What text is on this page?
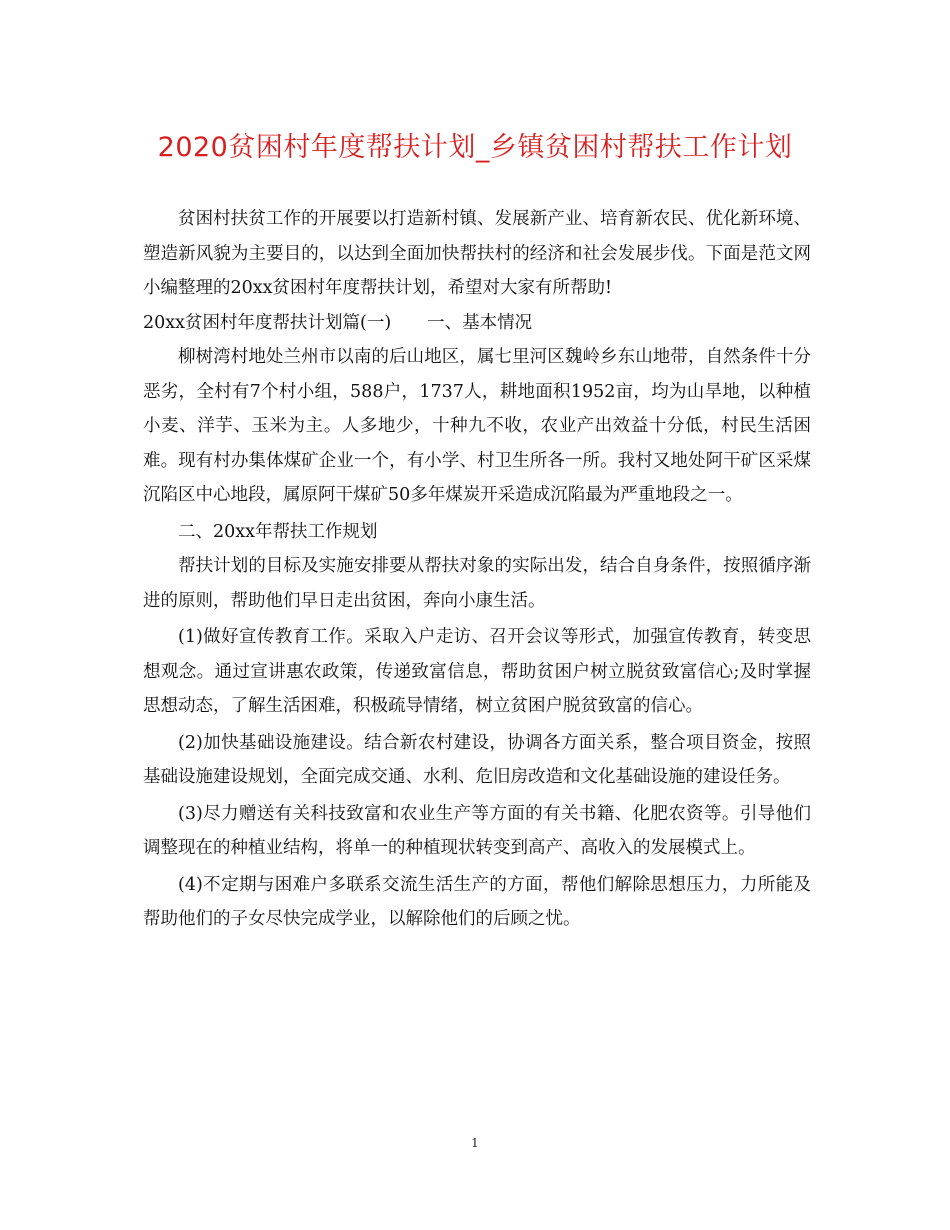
2020贫困村年度帮扶计划_乡镇贫困村帮扶工作计划

贫困村扶贫工作的开展要以打造新村镇、发展新产业、培育新农民、优化新环境、塑造新风貌为主要目的，以达到全面加快帮扶村的经济和社会发展步伐。下面是范文网小编整理的20xx贫困村年度帮扶计划，希望对大家有所帮助!

20xx贫困村年度帮扶计划篇(一) 一、基本情况

柳树湾村地处兰州市以南的后山地区，属七里河区魏岭乡东山地带，自然条件十分恶劣，全村有7个村小组，588户，1737人，耕地面积1952亩，均为山旱地，以种植小麦、洋芋、玉米为主。人多地少，十种九不收，农业产出效益十分低，村民生活困难。现有村办集体煤矿企业一个，有小学、村卫生所各一所。我村又地处阿干矿区采煤沉陷区中心地段，属原阿干煤矿50多年煤炭开采造成沉陷最为严重地段之一。

二、20xx年帮扶工作规划

帮扶计划的目标及实施安排要从帮扶对象的实际出发，结合自身条件，按照循序渐进的原则，帮助他们早日走出贫困，奔向小康生活。

(1)做好宣传教育工作。采取入户走访、召开会议等形式，加强宣传教育，转变思想观念。通过宣讲惠农政策，传递致富信息，帮助贫困户树立脱贫致富信心;及时掌握思想动态，了解生活困难，积极疏导情绪，树立贫困户脱贫致富的信心。

(2)加快基础设施建设。结合新农村建设，协调各方面关系，整合项目资金，按照基础设施建设规划，全面完成交通、水利、危旧房改造和文化基础设施的建设任务。

(3)尽力赠送有关科技致富和农业生产等方面的有关书籍、化肥农资等。引导他们调整现在的种植业结构，将单一的种植现状转变到高产、高收入的发展模式上。

(4)不定期与困难户多联系交流生活生产的方面，帮他们解除思想压力，力所能及帮助他们的子女尽快完成学业，以解除他们的后顾之忧。

1
